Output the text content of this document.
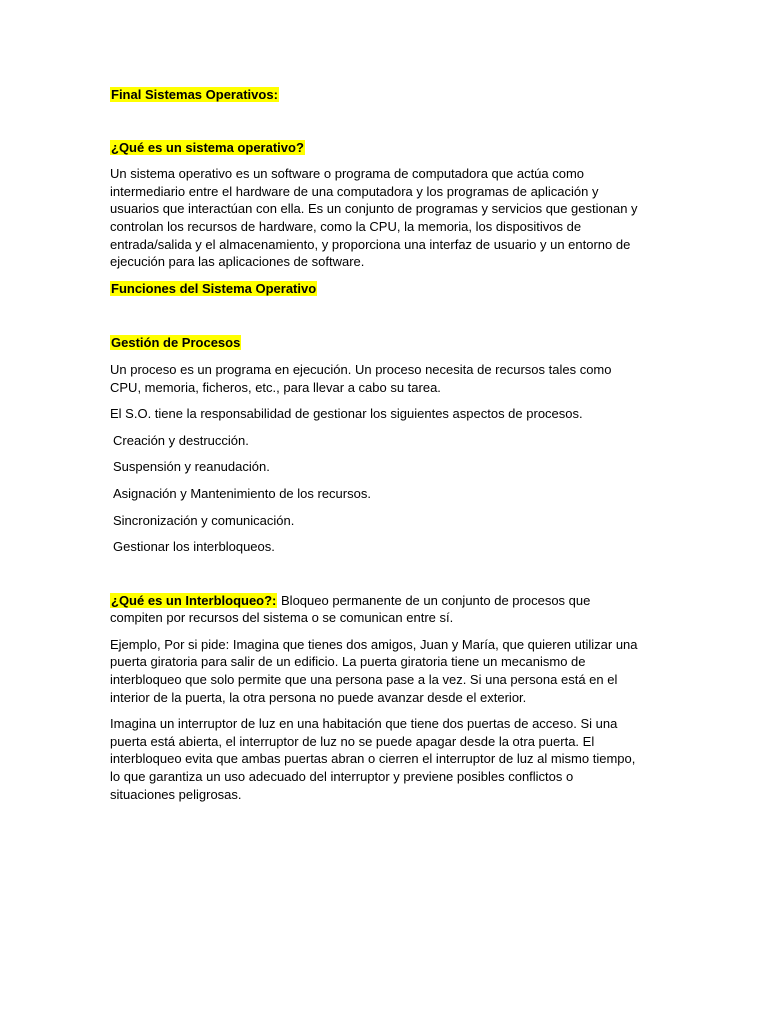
Final Sistemas Operativos:

¿Qué es un sistema operativo?

Un sistema operativo es un software o programa de computadora que actúa como intermediario entre el hardware de una computadora y los programas de aplicación y usuarios que interactúan con ella. Es un conjunto de programas y servicios que gestionan y controlan los recursos de hardware, como la CPU, la memoria, los dispositivos de entrada/salida y el almacenamiento, y proporciona una interfaz de usuario y un entorno de ejecución para las aplicaciones de software.

Funciones del Sistema Operativo

Gestión de Procesos

Un proceso es un programa en ejecución. Un proceso necesita de recursos tales como CPU, memoria, ficheros, etc., para llevar a cabo su tarea.

El S.O. tiene la responsabilidad de gestionar los siguientes aspectos de procesos.

Creación y destrucción.

Suspensión y reanudación.

Asignación y Mantenimiento de los recursos.

Sincronización y comunicación.

Gestionar los interbloqueos.

¿Qué es un Interbloqueo?: Bloqueo permanente de un conjunto de procesos que compiten por recursos del sistema o se comunican entre sí.

Ejemplo, Por si pide: Imagina que tienes dos amigos, Juan y María, que quieren utilizar una puerta giratoria para salir de un edificio. La puerta giratoria tiene un mecanismo de interbloqueo que solo permite que una persona pase a la vez. Si una persona está en el interior de la puerta, la otra persona no puede avanzar desde el exterior.

Imagina un interruptor de luz en una habitación que tiene dos puertas de acceso. Si una puerta está abierta, el interruptor de luz no se puede apagar desde la otra puerta. El interbloqueo evita que ambas puertas abran o cierren el interruptor de luz al mismo tiempo, lo que garantiza un uso adecuado del interruptor y previene posibles conflictos o situaciones peligrosas.
